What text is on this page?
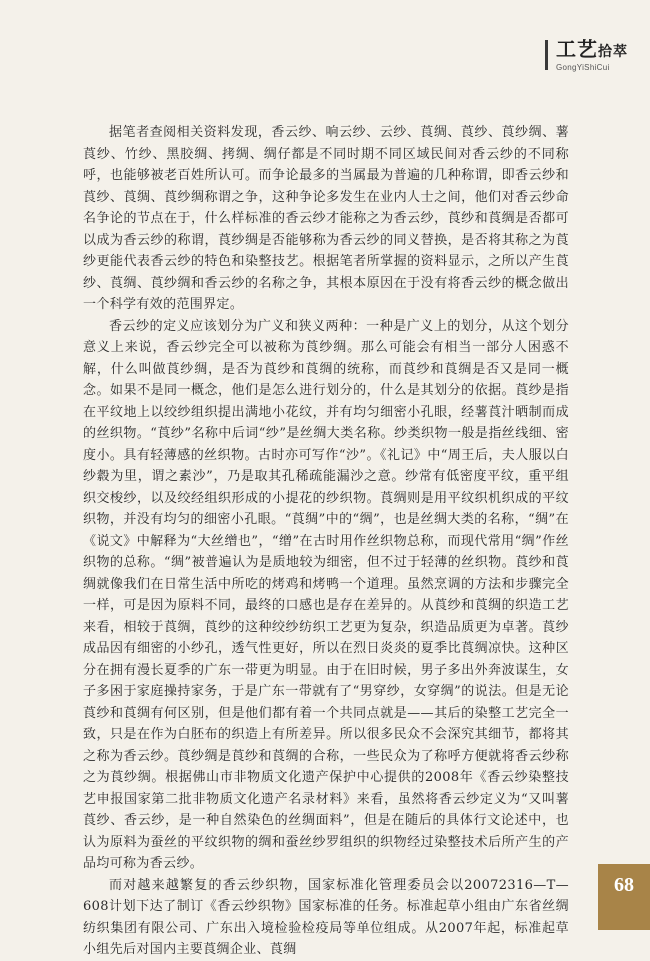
工艺拾萃
GongYiShiCui

据笔者查阅相关资料发现，香云纱、响云纱、云纱、莨绸、莨纱、莨纱绸、薯莨纱、竹纱、黑胶绸、拷绸、绸仔都是不同时期不同区域民间对香云纱的不同称呼，也能够被老百姓所认可。而争论最多的当属最为普遍的几种称谓，即香云纱和莨纱、莨绸、莨纱绸称谓之争，这种争论多发生在业内人士之间，他们对香云纱命名争论的节点在于，什么样标准的香云纱才能称之为香云纱，莨纱和莨绸是否都可以成为香云纱的称谓，莨纱绸是否能够称为香云纱的同义替换，是否将其称之为莨纱更能代表香云纱的特色和染整技艺。根据笔者所掌握的资料显示，之所以产生莨纱、莨绸、莨纱绸和香云纱的名称之争，其根本原因在于没有将香云纱的概念做出一个科学有效的范围界定。

香云纱的定义应该划分为广义和狭义两种：一种是广义上的划分，从这个划分意义上来说，香云纱完全可以被称为莨纱绸。那么可能会有相当一部分人困惑不解，什么叫做莨纱绸，是否为莨纱和莨绸的统称，而莨纱和莨绸是否又是同一概念。如果不是同一概念，他们是怎么进行划分的，什么是其划分的依据。莨纱是指在平纹地上以绞纱组织提出满地小花纹，并有均匀细密小孔眼，经薯莨汁晒制而成的丝织物。“莨纱”名称中后词“纱”是丝绸大类名称。纱类织物一般是指丝线细、密度小。具有轻薄感的丝织物。古时亦可写作“沙”。《礼记》中“周王后，夫人服以白纱縠为里，谓之素沙”，乃是取其孔稀疏能漏沙之意。纱常有低密度平纹，重平组织交梭纱，以及绞经组织形成的小提花的纱织物。莨绸则是用平纹织机织成的平纹织物，并没有均匀的细密小孔眼。“莨绸”中的“绸”，也是丝绸大类的名称，“绸”在《说文》中解释为“大丝缯也”，“缯”在古时用作丝织物总称，而现代常用“绸”作丝织物的总称。“绸”被普遍认为是质地较为细密，但不过于轻薄的丝织物。莨纱和莨绸就像我们在日常生活中所吃的烤鸡和烤鸭一个道理。虽然烹调的方法和步骤完全一样，可是因为原料不同，最终的口感也是存在差异的。从莨纱和莨绸的织造工艺来看，相较于莨绸，莨纱的这种绞纱纺织工艺更为复杂，织造品质更为卓著。莨纱成品因有细密的小纱孔，透气性更好，所以在烈日炎炎的夏季比莨绸凉快。这种区分在拥有漫长夏季的广东一带更为明显。由于在旧时候，男子多出外奔波谋生，女子多困于家庭操持家务，于是广东一带就有了“男穿纱，女穿绸”的说法。但是无论莨纱和莨绸有何区别，但是他们都有着一个共同点就是——其后的染整工艺完全一致，只是在作为白胚布的织造上有所差异。所以很多民众不会深究其细节，都将其之称为香云纱。莨纱绸是莨纱和莨绸的合称，一些民众为了称呼方便就将香云纱称之为莨纱绸。根据佛山市非物质文化遗产保护中心提供的2008年《香云纱染整技艺申报国家第二批非物质文化遗产名录材料》来看，虽然将香云纱定义为“又叫薯莨纱、香云纱，是一种自然染色的丝绸面料”，但是在随后的具体行文论述中，也认为原料为蚕丝的平纹织物的绸和蚕丝纱罗组织的织物经过染整技术后所产生的产品均可称为香云纱。

而对越来越繁复的香云纱织物，国家标准化管理委员会以20072316—T—608计划下达了制订《香云纱织物》国家标准的任务。标准起草小组由广东省丝绸纺织集团有限公司、广东出入境检验检疫局等单位组成。从2007年起，标准起草小组先后对国内主要莨绸企业、莨绸

68
